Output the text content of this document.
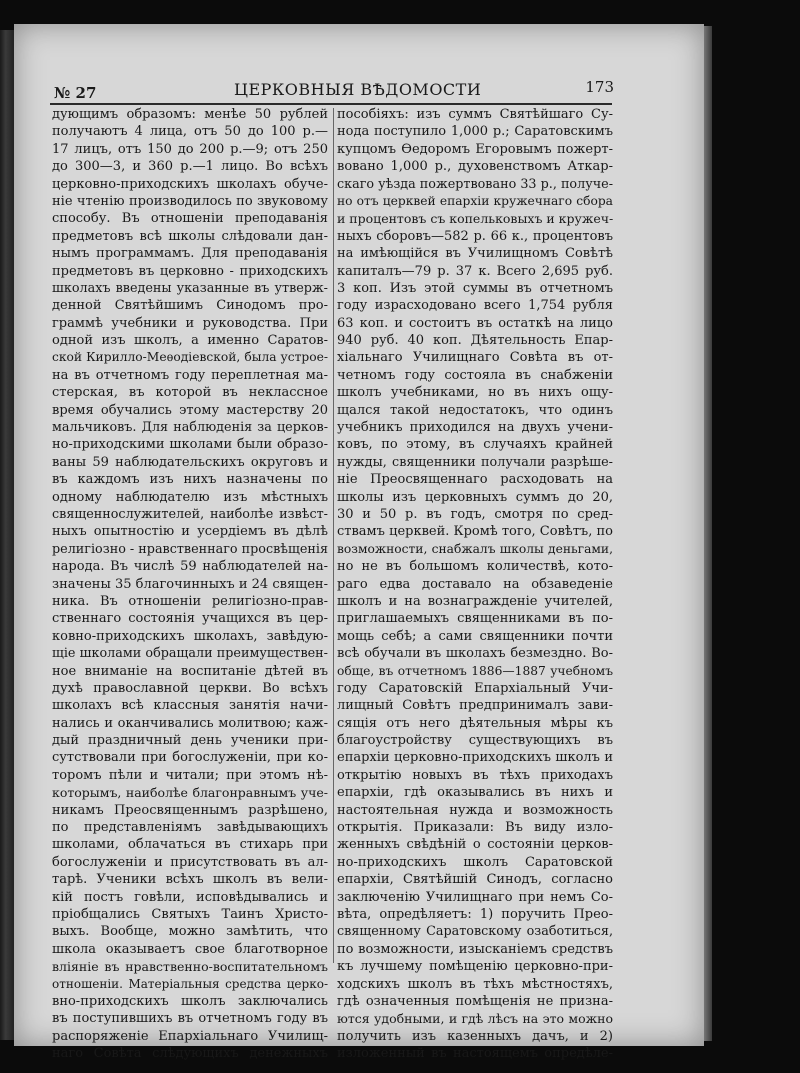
№ 27	ЦЕРКОВНЫЯ ВѢДОМОСТИ	173
дующимъ образомъ: менѣе 50 рублей
получаютъ 4 лица, отъ 50 до 100 р.—
17 лицъ, отъ 150 до 200 р.—9; отъ 250
до 300—3, и 360 р.—1 лицо. Во всѣхъ
церковно-приходскихъ школахъ обуче-
ніе чтенію производилось по звуковому
способу. Въ отношеніи преподаванія
предметовъ всѣ школы слѣдовали дан-
нымъ программамъ. Для преподаванія
предметовъ въ церковно - приходскихъ
школахъ введены указанные въ утверж-
денной Святѣйшимъ Синодомъ про-
граммѣ учебники и руководства. При
одной изъ школъ, а именно Саратов-
ской Кирилло-Меѳодіевской, была устрое-
на въ отчетномъ году переплетная ма-
стерская, въ которой въ неклассное
время обучались этому мастерству 20
мальчиковъ. Для наблюденія за церков-
но-приходскими школами были образо-
ваны 59 наблюдательскихъ округовъ и
въ каждомъ изъ нихъ назначены по
одному наблюдателю изъ мѣстныхъ
священнослужителей, наиболѣе извѣст-
ныхъ опытностію и усердіемъ въ дѣлѣ
религіозно - нравственнаго просвѣщенія
народа. Въ числѣ 59 наблюдателей на-
значены 35 благочинныхъ и 24 священ-
ника. Въ отношеніи религіозно-прав-
ственнаго состоянія учащихся въ цер-
ковно-приходскихъ школахъ, завѣдую-
щіе школами обращали преимуществен-
ное вниманіе на воспитаніе дѣтей въ
духѣ православной церкви. Во всѣхъ
школахъ всѣ классныя занятія начи-
нались и оканчивались молитвою; каж-
дый праздничный день ученики при-
сутствовали при богослуженіи, при ко-
торомъ пѣли и читали; при этомъ нѣ-
которымъ, наиболѣе благонравнымъ уче-
никамъ Преосвященнымъ разрѣшено,
по представленіямъ завѣдывающихъ
школами, облачаться въ стихарь при
богослуженіи и присутствовать въ ал-
тарѣ. Ученики всѣхъ школъ въ вели-
кій постъ говѣли, исповѣдывались и
пріобщались Святыхъ Таинъ Христо-
выхъ. Вообще, можно замѣтить, что
школа оказываетъ свое благотворное
вліяніе въ нравственно-воспитательномъ
отношеніи. Матеріальныя средства церко-
вно-приходскихъ школъ заключались
въ поступившихъ въ отчетномъ году въ
распоряженіе Епархіальнаго Училищ-
наго Совѣта слѣдующихъ денежныхъ
пособіяхъ: изъ суммъ Святѣйшаго Су-
нода поступило 1,000 р.; Саратовскимъ
купцомъ Ѳедоромъ Егоровымъ пожерт-
вовано 1,000 р., духовенствомъ Аткар-
скаго уѣзда пожертвовано 33 р., получе-
но отъ церквей епархіи кружечнаго сбора
и процентовъ съ копельковыхъ и кружеч-
ныхъ сборовъ—582 р. 66 к., процентовъ
на имѣющійся въ Училищномъ Совѣтѣ
капиталъ—79 р. 37 к. Всего 2,695 руб.
3 коп. Изъ этой суммы въ отчетномъ
году израсходовано всего 1,754 рубля
63 коп. и состоитъ въ остаткѣ на лицо
940 руб. 40 коп. Дѣятельность Епар-
хіальнаго Училищнаго Совѣта въ от-
четномъ году состояла въ снабженіи
школъ учебниками, но въ нихъ ощу-
щался такой недостатокъ, что одинъ
учебникъ приходился на двухъ учени-
ковъ, по этому, въ случаяхъ крайней
нужды, священники получали разрѣше-
ніе Преосвященнаго расходовать на
школы изъ церковныхъ суммъ до 20,
30 и 50 р. въ годъ, смотря по сред-
ствамъ церквей. Кромѣ того, Совѣтъ, по
возможности, снабжалъ школы деньгами,
но не въ большомъ количествѣ, кото-
раго едва доставало на обзаведеніе
школъ и на вознагражденіе учителей,
приглашаемыхъ священниками въ по-
мощь себѣ; а сами священники почти
всѣ обучали въ школахъ безмездно. Во-
обще, въ отчетномъ 1886—1887 учебномъ
году Саратовскій Епархіальный Учи-
лищный Совѣтъ предпринималъ зави-
сящія отъ него дѣятельныя мѣры къ
благоустройству существующихъ въ
епархіи церковно-приходскихъ школъ и
открытію новыхъ въ тѣхъ приходахъ
епархіи, гдѣ оказывались въ нихъ и
настоятельная нужда и возможность
открытія. Приказали: Въ виду изло-
женныхъ свѣдѣній о состояніи церков-
но-приходскихъ школъ Саратовской
епархіи, Святѣйшій Синодъ, согласно
заключенію Училищнаго при немъ Со-
вѣта, опредѣляетъ: 1) поручить Прео-
священному Саратовскому озаботиться,
по возможности, изысканіемъ средствъ
къ лучшему помѣщенію церковно-при-
ходскихъ школъ въ тѣхъ мѣстностяхъ,
гдѣ означенныя помѣщенія не призна-
ются удобными, и гдѣ лѣсъ на это можно
получить изъ казенныхъ дачъ, и 2)
изложенный въ настоящемъ опредѣле-
